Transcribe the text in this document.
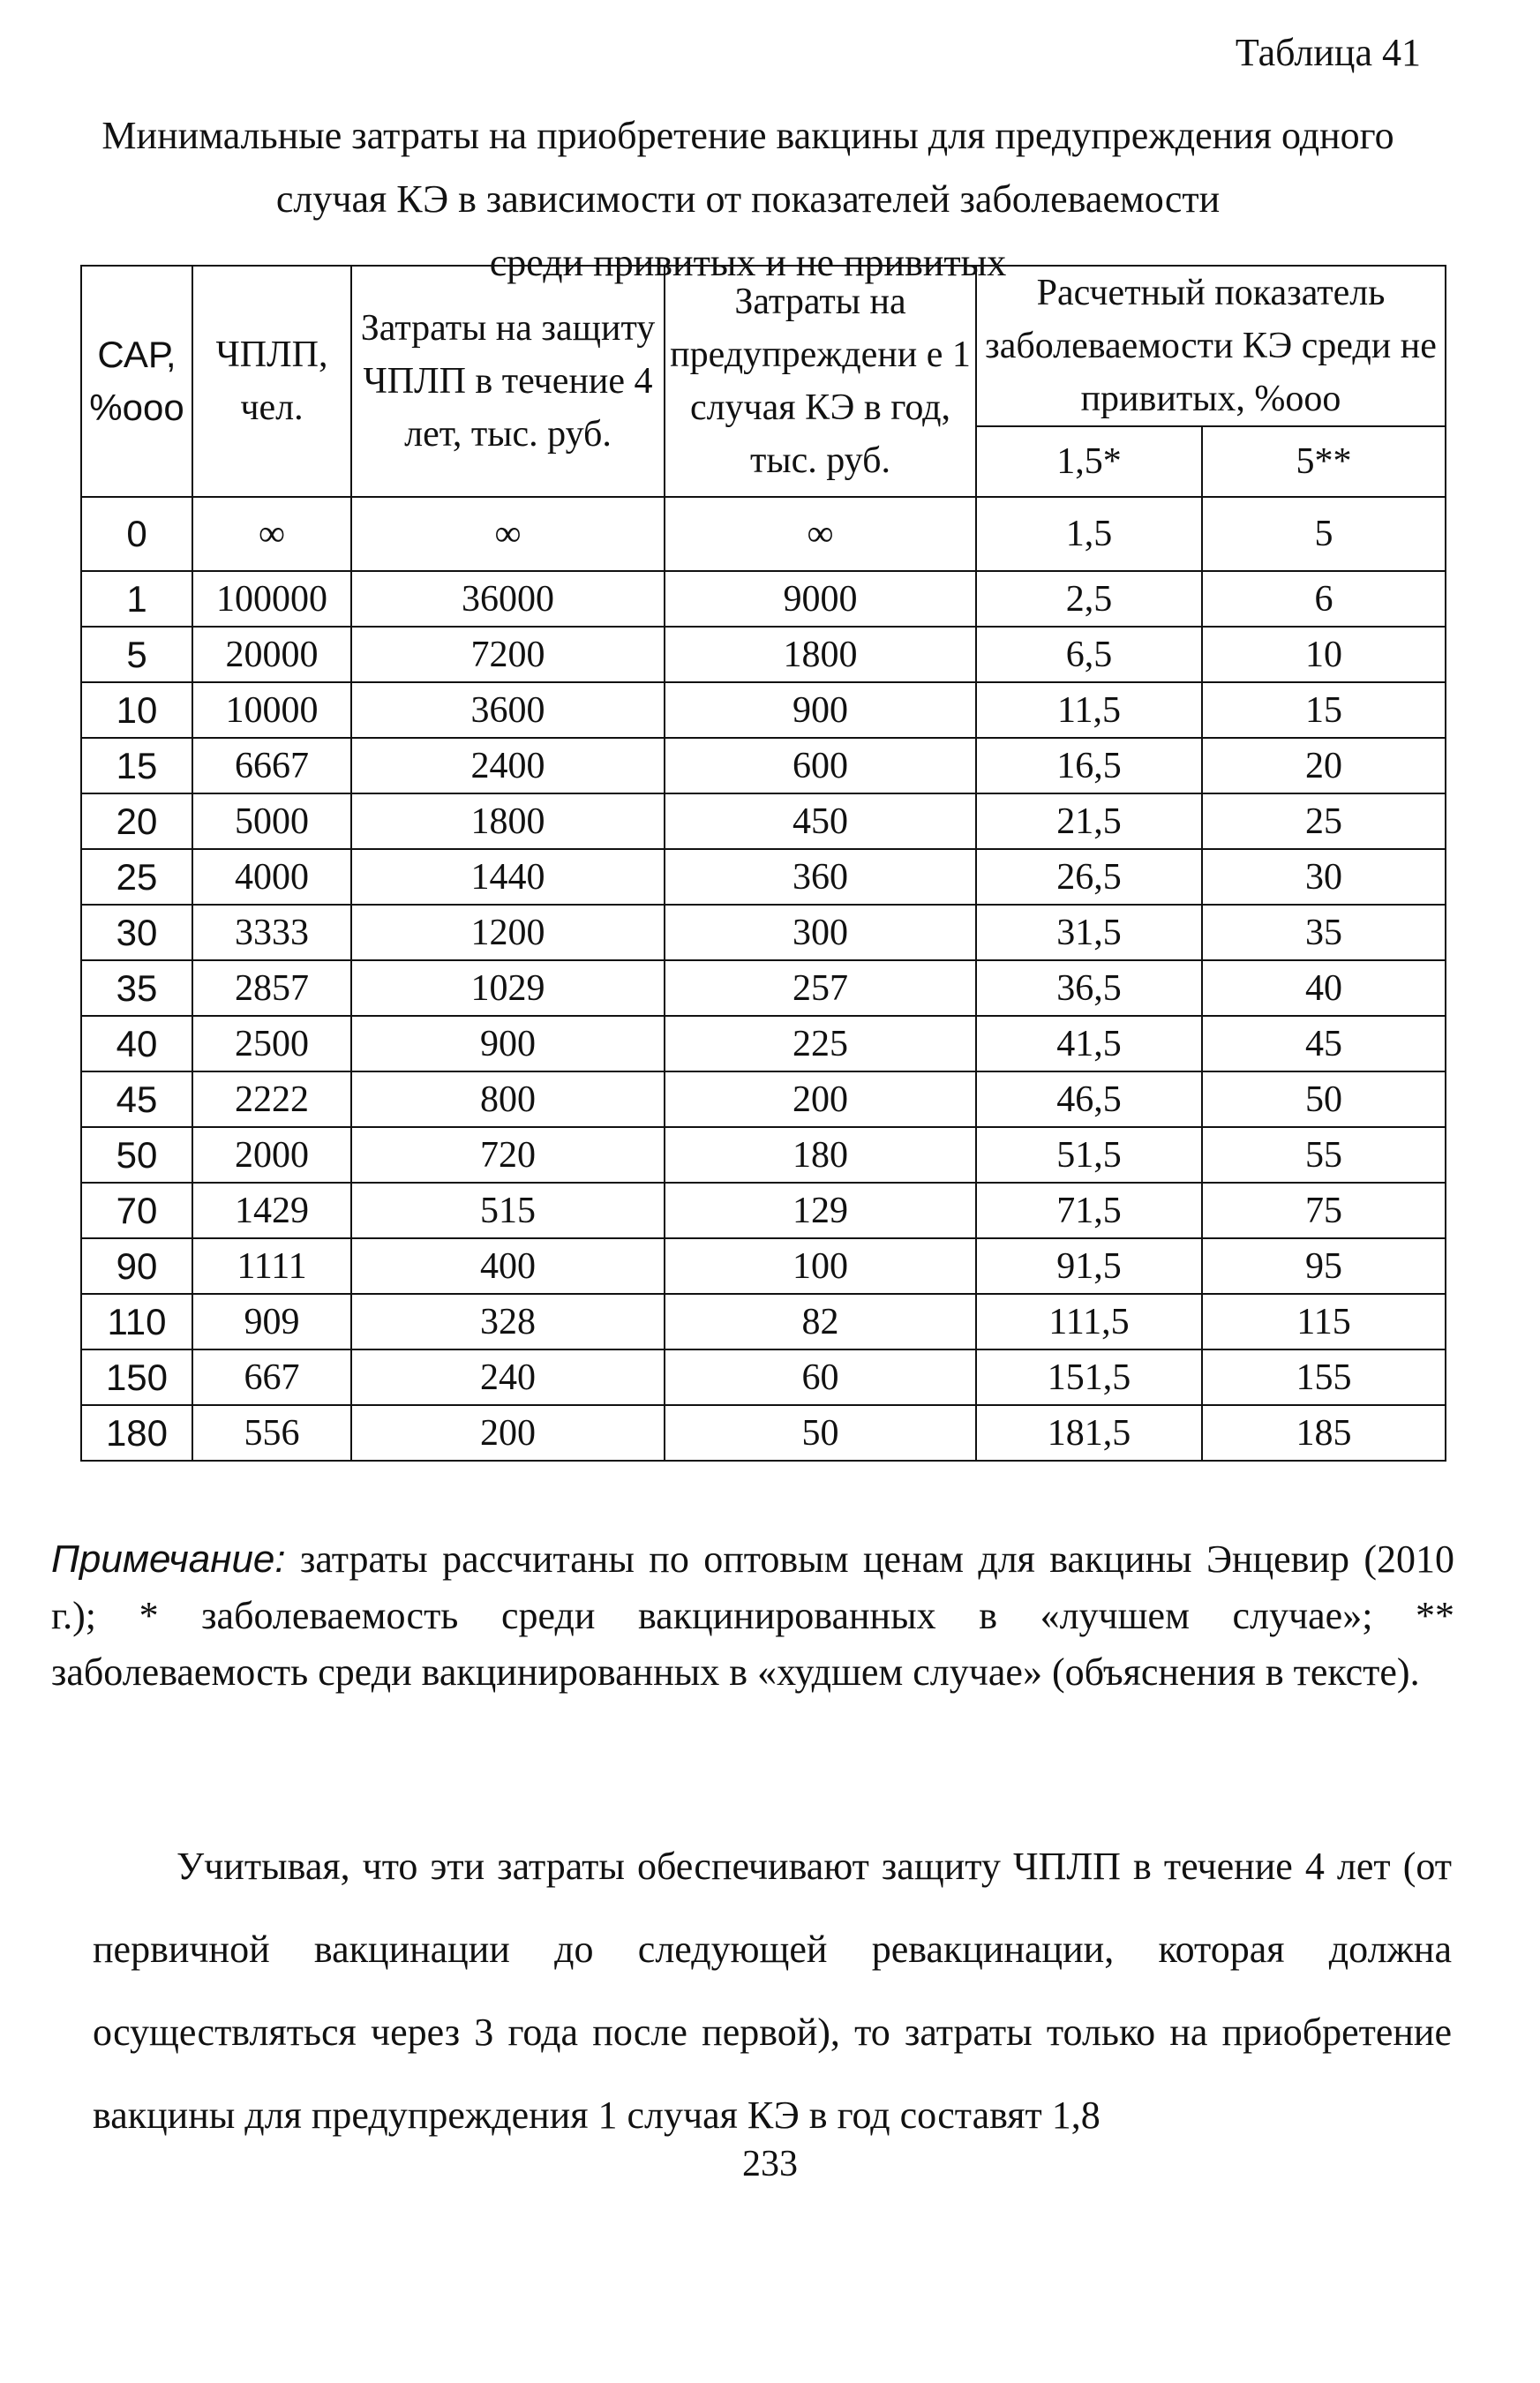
Таблица 41
Минимальные затраты на приобретение вакцины для предупреждения одного
случая КЭ в зависимости от показателей заболеваемости
среди привитых и не привитых
САР, %ооо	ЧПЛП, чел.	Затраты на защиту ЧПЛП в течение 4 лет, тыс. руб.	Затраты на предупреждени е 1 случая КЭ в год, тыс. руб.	Расчетный показатель заболеваемости КЭ среди не привитых, %ооо	
				1,5*	5**
0	∞	∞	∞	1,5	5
1	100000	36000	9000	2,5	6
5	20000	7200	1800	6,5	10
10	10000	3600	900	11,5	15
15	6667	2400	600	16,5	20
20	5000	1800	450	21,5	25
25	4000	1440	360	26,5	30
30	3333	1200	300	31,5	35
35	2857	1029	257	36,5	40
40	2500	900	225	41,5	45
45	2222	800	200	46,5	50
50	2000	720	180	51,5	55
70	1429	515	129	71,5	75
90	1111	400	100	91,5	95
110	909	328	82	111,5	115
150	667	240	60	151,5	155
180	556	200	50	181,5	185
Примечание: затраты рассчитаны по оптовым ценам для вакцины Энцевир (2010 г.); * заболеваемость среди вакцинированных в «лучшем случае»; ** заболеваемость среди вакцинированных в «худшем случае» (объяснения в тексте).

Учитывая, что эти затраты обеспечивают защиту ЧПЛП в течение 4 лет (от первичной вакцинации до следующей ревакцинации, которая должна осуществляться через 3 года после первой), то затраты только на приобретение вакцины для предупреждения 1 случая КЭ в год составят 1,8

233
